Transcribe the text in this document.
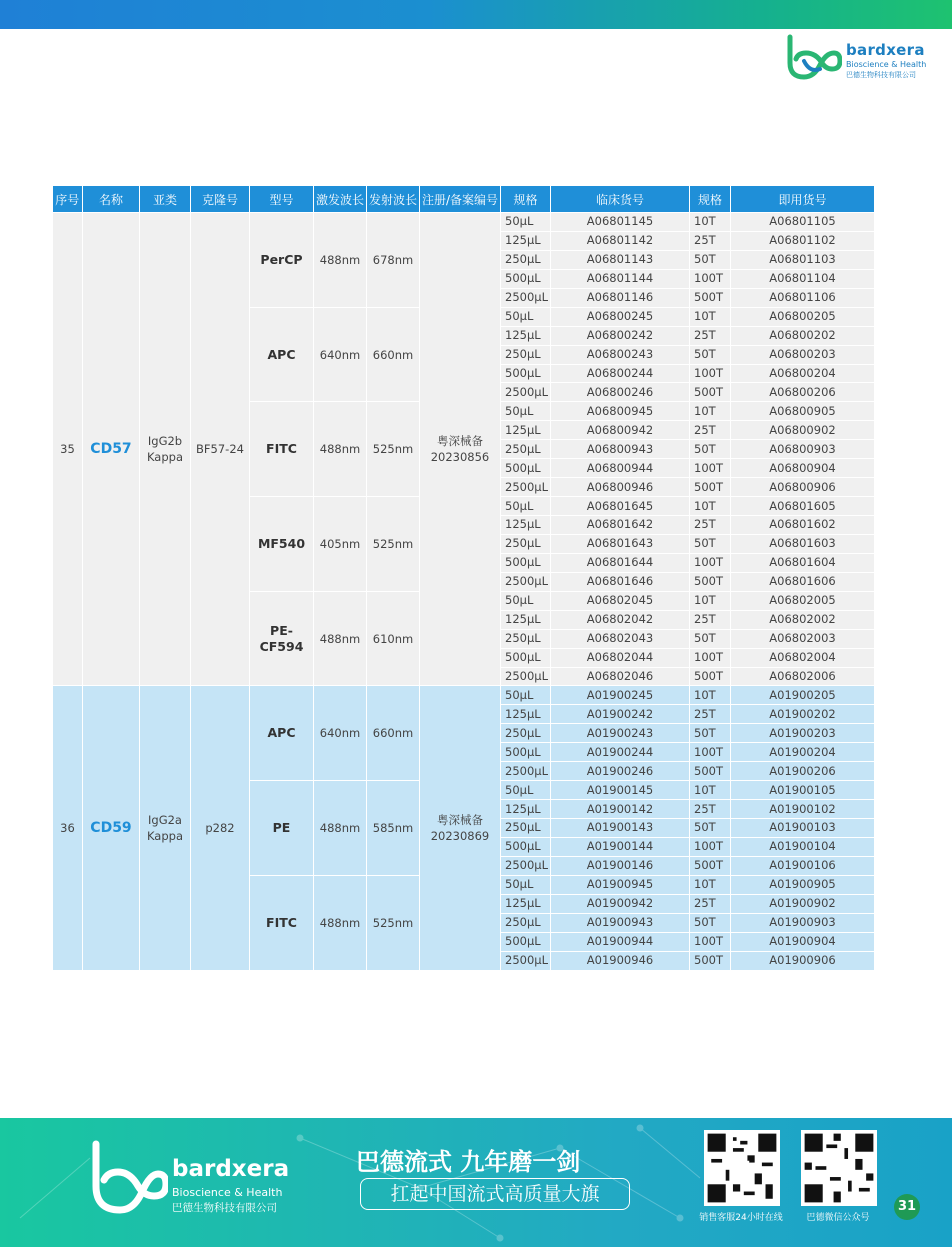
bardxera
Bioscience & Health
巴德生物科技有限公司
序号	名称	亚类	克隆号	型号	激发波长	发射波长	注册/备案编号	规格	临床货号	规格	即用货号
35	CD57	IgG2b Kappa	BF57-24	PerCP	488nm	678nm	粤深械备 20230856	50μL	A06801145	10T	A06801105
								125μL	A06801142	25T	A06801102
								250μL	A06801143	50T	A06801103
								500μL	A06801144	100T	A06801104
								2500μL	A06801146	500T	A06801106
				APC	640nm	660nm		50μL	A06800245	10T	A06800205
								125μL	A06800242	25T	A06800202
								250μL	A06800243	50T	A06800203
								500μL	A06800244	100T	A06800204
								2500μL	A06800246	500T	A06800206
				FITC	488nm	525nm		50μL	A06800945	10T	A06800905
								125μL	A06800942	25T	A06800902
								250μL	A06800943	50T	A06800903
								500μL	A06800944	100T	A06800904
								2500μL	A06800946	500T	A06800906
				MF540	405nm	525nm		50μL	A06801645	10T	A06801605
								125μL	A06801642	25T	A06801602
								250μL	A06801643	50T	A06801603
								500μL	A06801644	100T	A06801604
								2500μL	A06801646	500T	A06801606
				PE-CF594	488nm	610nm		50μL	A06802045	10T	A06802005
								125μL	A06802042	25T	A06802002
								250μL	A06802043	50T	A06802003
								500μL	A06802044	100T	A06802004
								2500μL	A06802046	500T	A06802006
36	CD59	IgG2a Kappa	p282	APC	640nm	660nm	粤深械备 20230869	50μL	A01900245	10T	A01900205
								125μL	A01900242	25T	A01900202
								250μL	A01900243	50T	A01900203
								500μL	A01900244	100T	A01900204
								2500μL	A01900246	500T	A01900206
				PE	488nm	585nm		50μL	A01900145	10T	A01900105
								125μL	A01900142	25T	A01900102
								250μL	A01900143	50T	A01900103
								500μL	A01900144	100T	A01900104
								2500μL	A01900146	500T	A01900106
				FITC	488nm	525nm		50μL	A01900945	10T	A01900905
								125μL	A01900942	25T	A01900902
								250μL	A01900943	50T	A01900903
								500μL	A01900944	100T	A01900904
								2500μL	A01900946	500T	A01900906
bardxera
Bioscience & Health
巴德生物科技有限公司
巴德流式 九年磨一剑
扛起中国流式高质量大旗
销售客服24小时在线	巴德微信公众号
31
